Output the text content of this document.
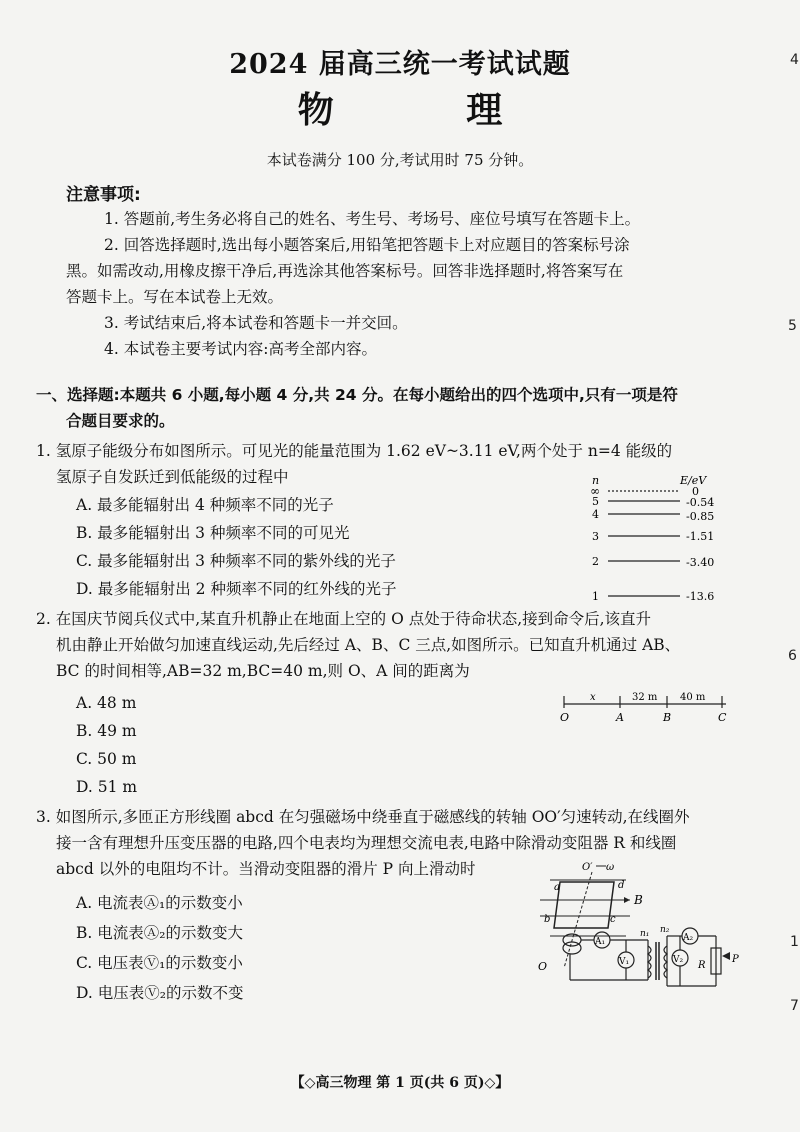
2024 届高三统一考试试题
物 理
本试卷满分 100 分,考试用时 75 分钟。
注意事项:
1. 答题前,考生务必将自己的姓名、考生号、考场号、座位号填写在答题卡上。
2. 回答选择题时,选出每小题答案后,用铅笔把答题卡上对应题目的答案标号涂
黑。如需改动,用橡皮擦干净后,再选涂其他答案标号。回答非选择题时,将答案写在
答题卡上。写在本试卷上无效。
3. 考试结束后,将本试卷和答题卡一并交回。
4. 本试卷主要考试内容:高考全部内容。
一、选择题:本题共 6 小题,每小题 4 分,共 24 分。在每小题给出的四个选项中,只有一项是符
合题目要求的。
1. 氢原子能级分布如图所示。可见光的能量范围为 1.62 eV~3.11 eV,两个处于 n=4 能级的
氢原子自发跃迁到低能级的过程中
A. 最多能辐射出 4 种频率不同的光子
B. 最多能辐射出 3 种频率不同的可见光
C. 最多能辐射出 3 种频率不同的紫外线的光子
D. 最多能辐射出 2 种频率不同的红外线的光子
n	E/eV
∞	0
5	-0.54
4	-0.85
3	-1.51
2	-3.40
1	-13.6
2. 在国庆节阅兵仪式中,某直升机静止在地面上空的 O 点处于待命状态,接到命令后,该直升
机由静止开始做匀加速直线运动,先后经过 A、B、C 三点,如图所示。已知直升机通过 AB、
BC 的时间相等,AB=32 m,BC=40 m,则 O、A 间的距离为
A. 48 m
B. 49 m
C. 50 m
D. 51 m
x	32 m 40 m
O	A	B	C
3. 如图所示,多匝正方形线圈 abcd 在匀强磁场中绕垂直于磁感线的转轴 OO′匀速转动,在线圈外
接一含有理想升压变压器的电路,四个电表均为理想交流电表,电路中除滑动变阻器 R 和线圈
abcd 以外的电阻均不计。当滑动变阻器的滑片 P 向上滑动时
A. 电流表Ⓐ₁的示数变小
B. 电流表Ⓐ₂的示数变大
C. 电压表Ⓥ₁的示数变小
D. 电压表Ⓥ₂的示数不变
O′ ω
B
a	d
b	c
O
A₁
V₁
n₁ n₂
A₂
V₂ R
P
4
5
6
1
7
【◇高三物理 第 1 页(共 6 页)◇】
